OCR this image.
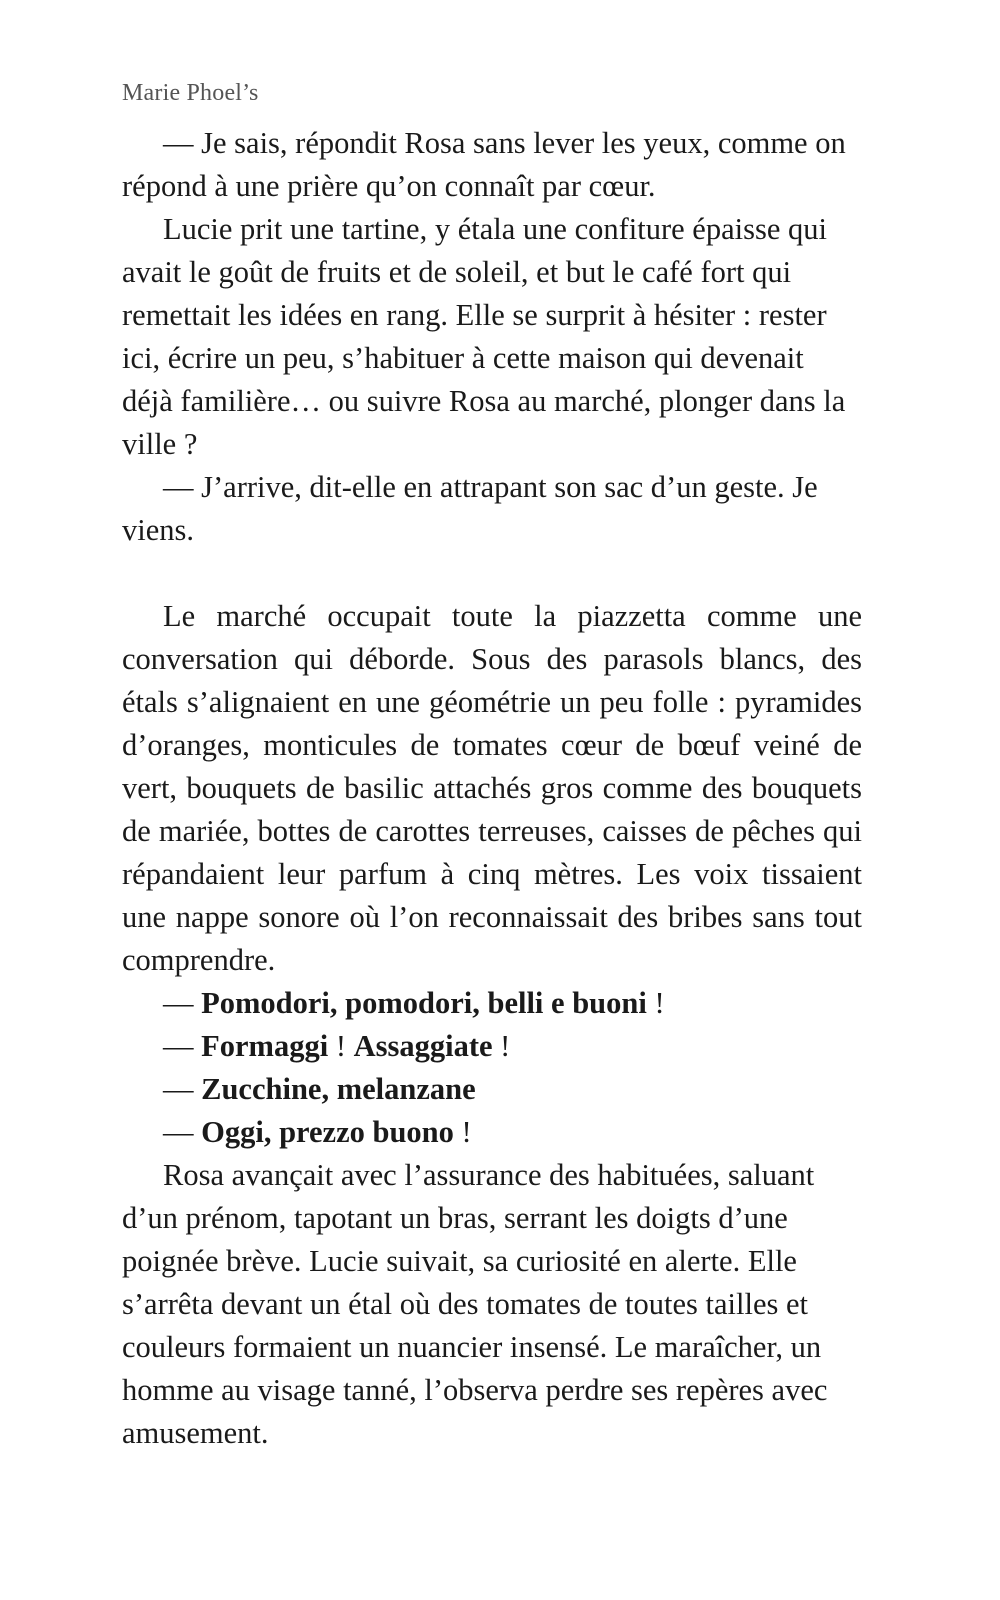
Marie Phoel’s

— Je sais, répondit Rosa sans lever les yeux, comme on répond à une prière qu’on connaît par cœur.

Lucie prit une tartine, y étala une confiture épaisse qui avait le goût de fruits et de soleil, et but le café fort qui remettait les idées en rang. Elle se surprit à hésiter : rester ici, écrire un peu, s’habituer à cette maison qui devenait déjà familière… ou suivre Rosa au marché, plonger dans la ville ?

— J’arrive, dit-elle en attrapant son sac d’un geste. Je viens.

Le marché occupait toute la piazzetta comme une conversation qui déborde. Sous des parasols blancs, des étals s’alignaient en une géométrie un peu folle : pyramides d’oranges, monticules de tomates cœur de bœuf veiné de vert, bouquets de basilic attachés gros comme des bouquets de mariée, bottes de carottes terreuses, caisses de pêches qui répandaient leur parfum à cinq mètres. Les voix tissaient une nappe sonore où l’on reconnaissait des bribes sans tout comprendre.

— Pomodori, pomodori, belli e buoni !

— Formaggi ! Assaggiate !

— Zucchine, melanzane

— Oggi, prezzo buono !

Rosa avançait avec l’assurance des habituées, saluant d’un prénom, tapotant un bras, serrant les doigts d’une poignée brève. Lucie suivait, sa curiosité en alerte. Elle s’arrêta devant un étal où des tomates de toutes tailles et couleurs formaient un nuancier insensé. Le maraîcher, un homme au visage tanné, l’observa perdre ses repères avec amusement.
